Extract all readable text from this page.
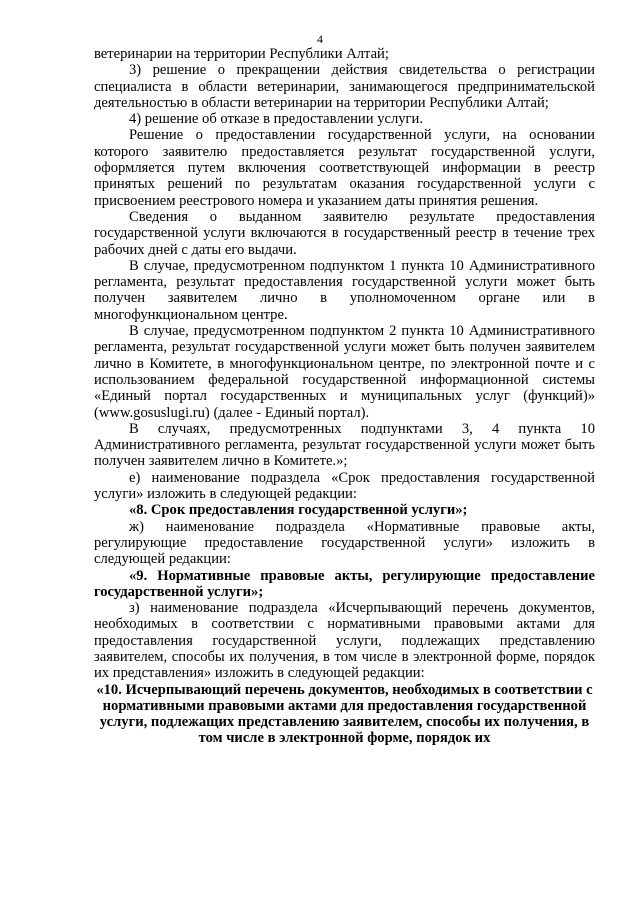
4

ветеринарии на территории Республики Алтай;

3) решение о прекращении действия свидетельства о регистрации специалиста в области ветеринарии, занимающегося предпринимательской деятельностью в области ветеринарии на территории Республики Алтай;

4) решение об отказе в предоставлении услуги.

Решение о предоставлении государственной услуги, на основании которого заявителю предоставляется результат государственной услуги, оформляется путем включения соответствующей информации в реестр принятых решений по результатам оказания государственной услуги с присвоением реестрового номера и указанием даты принятия решения.

Сведения о выданном заявителю результате предоставления государственной услуги включаются в государственный реестр в течение трех рабочих дней с даты его выдачи.

В случае, предусмотренном подпунктом 1 пункта 10 Административного регламента, результат предоставления государственной услуги может быть получен заявителем лично в уполномоченном органе или в многофункциональном центре.

В случае, предусмотренном подпунктом 2 пункта 10 Административного регламента, результат государственной услуги может быть получен заявителем лично в Комитете, в многофункциональном центре, по электронной почте и с использованием федеральной государственной информационной системы «Единый портал государственных и муниципальных услуг (функций)» (www.gosuslugi.ru) (далее - Единый портал).

В случаях, предусмотренных подпунктами 3, 4 пункта 10 Административного регламента, результат государственной услуги может быть получен заявителем лично в Комитете.»;

е) наименование подраздела «Срок предоставления государственной услуги» изложить в следующей редакции:

«8. Срок предоставления государственной услуги»;

ж) наименование подраздела «Нормативные правовые акты, регулирующие предоставление государственной услуги» изложить в следующей редакции:

«9. Нормативные правовые акты, регулирующие предоставление государственной услуги»;

з) наименование подраздела «Исчерпывающий перечень документов, необходимых в соответствии с нормативными правовыми актами для предоставления государственной услуги, подлежащих представлению заявителем, способы их получения, в том числе в электронной форме, порядок их представления» изложить в следующей редакции:

«10. Исчерпывающий перечень документов, необходимых в соответствии с нормативными правовыми актами для предоставления государственной услуги, подлежащих представлению заявителем, способы их получения, в том числе в электронной форме, порядок их
